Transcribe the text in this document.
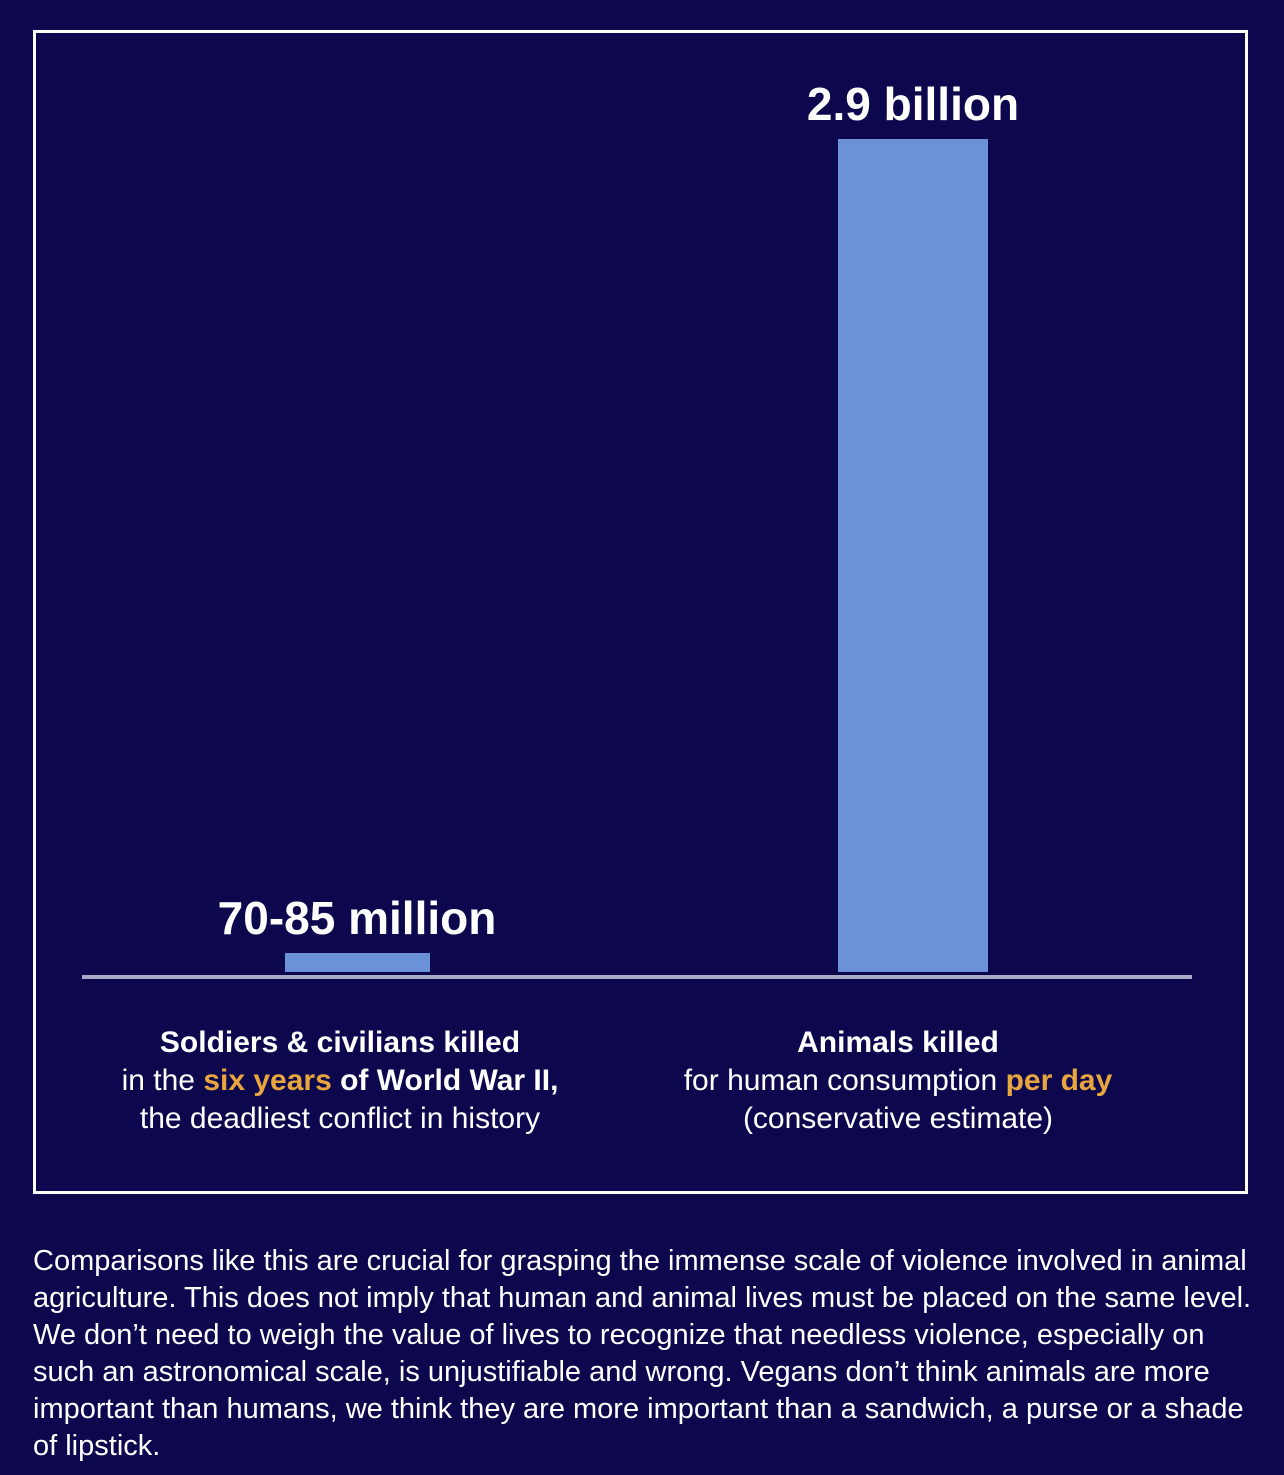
2.9 billion
70-85 million
Soldiers & civilians killed
in the six years of World War II,
the deadliest conflict in history
Animals killed
for human consumption per day
(conservative estimate)
Comparisons like this are crucial for grasping the immense scale of violence involved in animal agriculture. This does not imply that human and animal lives must be placed on the same level. We don’t need to weigh the value of lives to recognize that needless violence, especially on such an astronomical scale, is unjustifiable and wrong. Vegans don’t think animals are more important than humans, we think they are more important than a sandwich, a purse or a shade of lipstick.
